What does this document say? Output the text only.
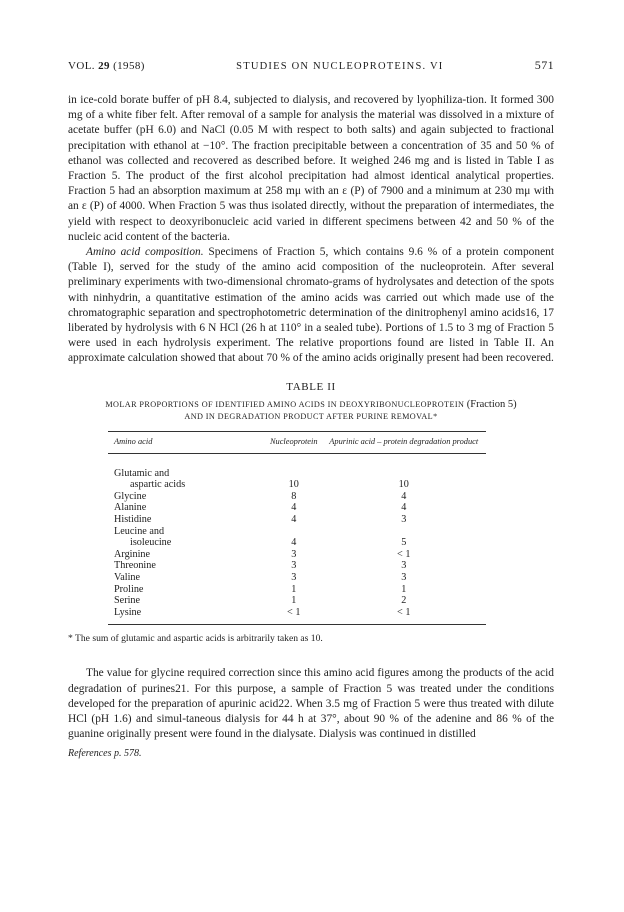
VOL. 29 (1958)	STUDIES ON NUCLEOPROTEINS. VI	571

in ice-cold borate buffer of pH 8.4, subjected to dialysis, and recovered by lyophiliza-tion. It formed 300 mg of a white fiber felt. After removal of a sample for analysis the material was dissolved in a mixture of acetate buffer (pH 6.0) and NaCl (0.05 M with respect to both salts) and again subjected to fractional precipitation with ethanol at −10°. The fraction precipitable between a concentration of 35 and 50 % of ethanol was collected and recovered as described before. It weighed 246 mg and is listed in Table I as Fraction 5. The product of the first alcohol precipitation had almost identical analytical properties. Fraction 5 had an absorption maximum at 258 mμ with an ε (P) of 7900 and a minimum at 230 mμ with an ε (P) of 4000. When Fraction 5 was thus isolated directly, without the preparation of intermediates, the yield with respect to deoxyribonucleic acid varied in different specimens between 42 and 50 % of the nucleic acid content of the bacteria.

Amino acid composition. Specimens of Fraction 5, which contains 9.6 % of a protein component (Table I), served for the study of the amino acid composition of the nucleoprotein. After several preliminary experiments with two-dimensional chromato-grams of hydrolysates and detection of the spots with ninhydrin, a quantitative estimation of the amino acids was carried out which made use of the chromatographic separation and spectrophotometric determination of the dinitrophenyl amino acids16, 17 liberated by hydrolysis with 6 N HCl (26 h at 110° in a sealed tube). Portions of 1.5 to 3 mg of Fraction 5 were used in each hydrolysis experiment. The relative proportions found are listed in Table II. An approximate calculation showed that about 70 % of the amino acids originally present had been recovered.

TABLE II
MOLAR PROPORTIONS OF IDENTIFIED AMINO ACIDS IN DEOXYRIBONUCLEOPROTEIN (Fraction 5)
AND IN DEGRADATION PRODUCT AFTER PURINE REMOVAL*
Amino acid	Nucleoprotein	Apurinic acid – protein degradation product
Glutamic and		
aspartic acids	10	10
Glycine	8	4
Alanine	4	4
Histidine	4	3
Leucine and		
isoleucine	4	5
Arginine	3	< 1
Threonine	3	3
Valine	3	3
Proline	1	1
Serine	1	2
Lysine	< 1	< 1
* The sum of glutamic and aspartic acids is arbitrarily taken as 10.

The value for glycine required correction since this amino acid figures among the products of the acid degradation of purines21. For this purpose, a sample of Fraction 5 was treated under the conditions developed for the preparation of apurinic acid22. When 3.5 mg of Fraction 5 were thus treated with dilute HCl (pH 1.6) and simul-taneous dialysis for 44 h at 37°, about 90 % of the adenine and 86 % of the guanine originally present were found in the dialysate. Dialysis was continued in distilled

References p. 578.
